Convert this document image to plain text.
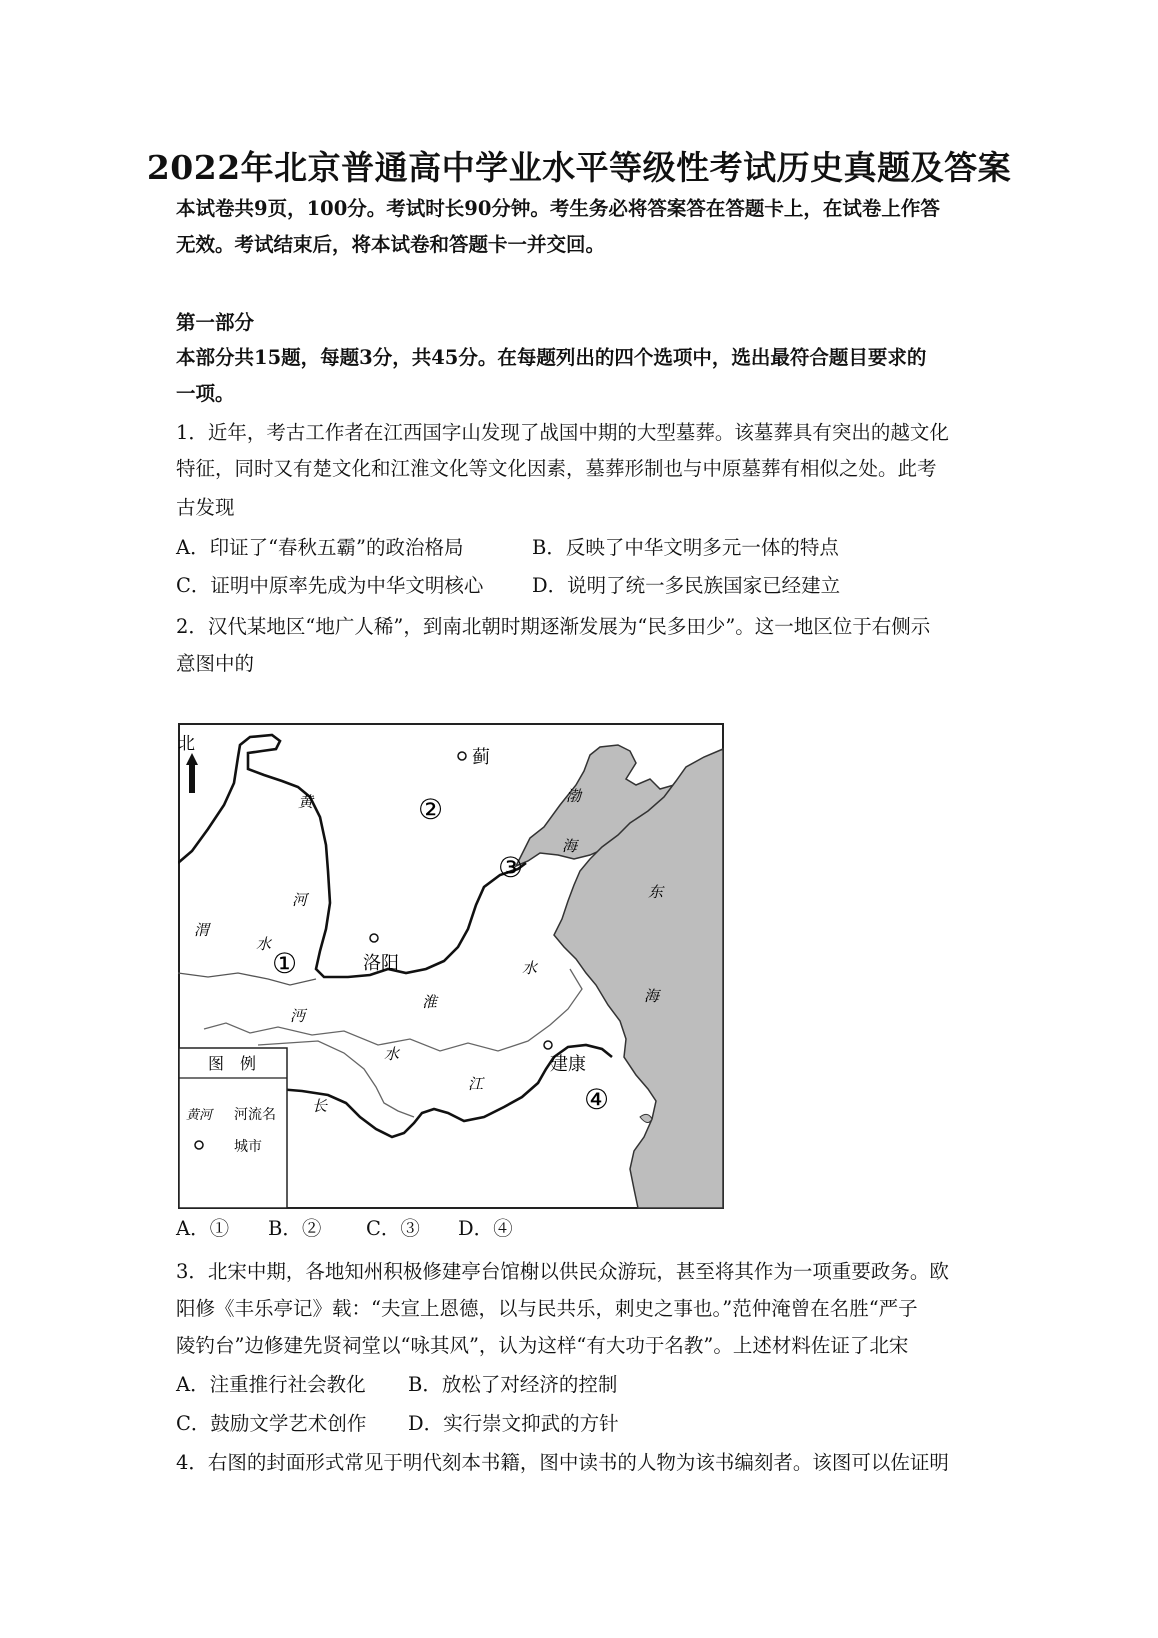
2022年北京普通高中学业水平等级性考试历史真题及答案
本试卷共9页，100分。考试时长90分钟。考生务必将答案答在答题卡上，在试卷上作答
无效。考试结束后，将本试卷和答题卡一并交回。
第一部分
本部分共15题，每题3分，共45分。在每题列出的四个选项中，选出最符合题目要求的
一项。
1．近年，考古工作者在江西国字山发现了战国中期的大型墓葬。该墓葬具有突出的越文化
特征，同时又有楚文化和江淮文化等文化因素，墓葬形制也与中原墓葬有相似之处。此考
古发现
A．印证了“春秋五霸”的政治格局	B．反映了中华文明多元一体的特点
C．证明中原率先成为中华文明核心 D．说明了统一多民族国家已经建立
2．汉代某地区“地广人稀”，到南北朝时期逐渐发展为“民多田少”。这一地区位于右侧示
意图中的
北
蓟
洛阳
建康
渤
海
东
海
黄
河
渭
水
水
淮
沔
水
长
江
①
②
③
④
图　例
黄河 河流名
城市
A．① B．② C．③ D．④
3．北宋中期，各地知州积极修建亭台馆榭以供民众游玩，甚至将其作为一项重要政务。欧
阳修《丰乐亭记》载：“夫宣上恩德，以与民共乐，刺史之事也。”范仲淹曾在名胜“严子
陵钓台”边修建先贤祠堂以“咏其风”，认为这样“有大功于名教”。上述材料佐证了北宋
A．注重推行社会教化 B．放松了对经济的控制
C．鼓励文学艺术创作 D．实行崇文抑武的方针
4．右图的封面形式常见于明代刻本书籍，图中读书的人物为该书编刻者。该图可以佐证明
